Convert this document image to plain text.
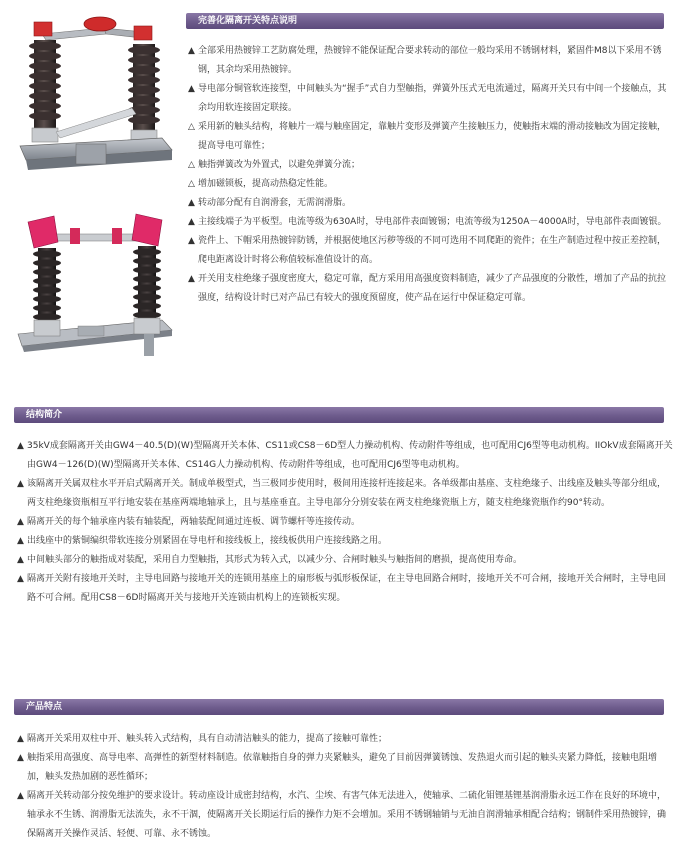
完善化隔离开关特点说明

▲ 全部采用热镀锌工艺防腐处理，热镀锌不能保证配合要求转动的部位一般均采用不锈钢材料，紧固件M8以下采用不锈钢，其余均采用热镀锌。

▲ 导电部分铜管软连接型，中间触头为“握手”式自力型触指，弹簧外压式无电流通过，隔离开关只有中间一个接触点，其余均用软连接固定联接。

△ 采用新的触头结构，将触片一端与触座固定，靠触片变形及弹簧产生接触压力，使触指末端的滑动接触改为固定接触，提高导电可靠性；

△ 触指弹簧改为外置式，以避免弹簧分流；

△ 增加磁锁板，提高动热稳定性能。

▲ 转动部分配有自润滑套，无需润滑脂。

▲ 主接线端子为平板型。电流等级为630A时，导电部件表面镀锡；电流等级为1250A－4000A时，导电部件表面镀银。

▲ 瓷件上、下帽采用热镀锌防锈，并根据使地区污秽等级的不同可选用不同爬距的瓷件；在生产制造过程中按正差控制，爬电距离设计时将公称值较标准值设计的高。

▲ 开关用支柱绝缘子强度密度大，稳定可靠，配方采用用高强度资料制造，减少了产品强度的分散性，增加了产品的抗拉强度，结构设计时已对产品已有较大的强度预留度，使产品在运行中保证稳定可靠。

结构简介

▲ 35kV成套隔离开关由GW4－40.5(D)(W)型隔离开关本体、CS11或CS8－6D型人力操动机构、传动附件等组成，也可配用CJ6型等电动机构。IIOkV成套隔离开关由GW4－126(D)(W)型隔离开关本体、CS14G人力操动机构、传动附件等组成，也可配用CJ6型等电动机构。

▲ 该隔离开关属双柱水平开启式隔离开关。制成单极型式，当三极同步使用时，极间用连接杆连接起来。各单级都由基座、支柱绝缘子、出线座及触头等部分组成，两支柱绝缘资瓶相互平行地安装在基座两端地轴承上，且与基座垂直。主导电部分分别安装在两支柱绝缘瓷瓶上方，随支柱绝缘瓷瓶作约90°转动。

▲ 隔离开关的每个轴承座内装有轴装配，两轴装配间通过连板、调节螺杆等连接传动。

▲ 出线座中的紫铜编织带软连接分别紧固在导电杆和接线板上，接线板供用户连接线路之用。

▲ 中间触头部分的触指成对装配，采用自力型触指，其形式为转入式，以减少分、合闸时触头与触指间的磨损，提高使用寿命。

▲ 隔离开关附有接地开关时，主导电回路与接地开关的连锁用基座上的扇形板与弧形板保证，在主导电回路合闸时，接地开关不可合闸，接地开关合闸时，主导电回路不可合闸。配用CS8－6D时隔离开关与接地开关连锁由机构上的连锁板实现。

产品特点

▲ 隔离开关采用双柱中开、触头转入式结构，具有自动清洁触头的能力，提高了接触可靠性；

▲ 触指采用高强度、高导电率、高弹性的新型材料制造。依靠触指自身的弹力夹紧触头，避免了目前因弹簧锈蚀、发热退火而引起的触头夹紧力降低，接触电阻增加，触头发热加剧的恶性循环；

▲ 隔离开关转动部分按免维护的要求设计。转动座设计成密封结构，水汽、尘埃、有害气体无法进入，使轴承、二硫化钼锂基锂基润滑脂永远工作在良好的环境中，轴承永不生锈、润滑脂无法流失，永不干涸，使隔离开关长期运行后的操作力矩不会增加。采用不锈钢轴销与无油自润滑轴承相配合结构；钢制件采用热镀锌，确保隔离开关操作灵活、轻便、可靠、永不锈蚀。
